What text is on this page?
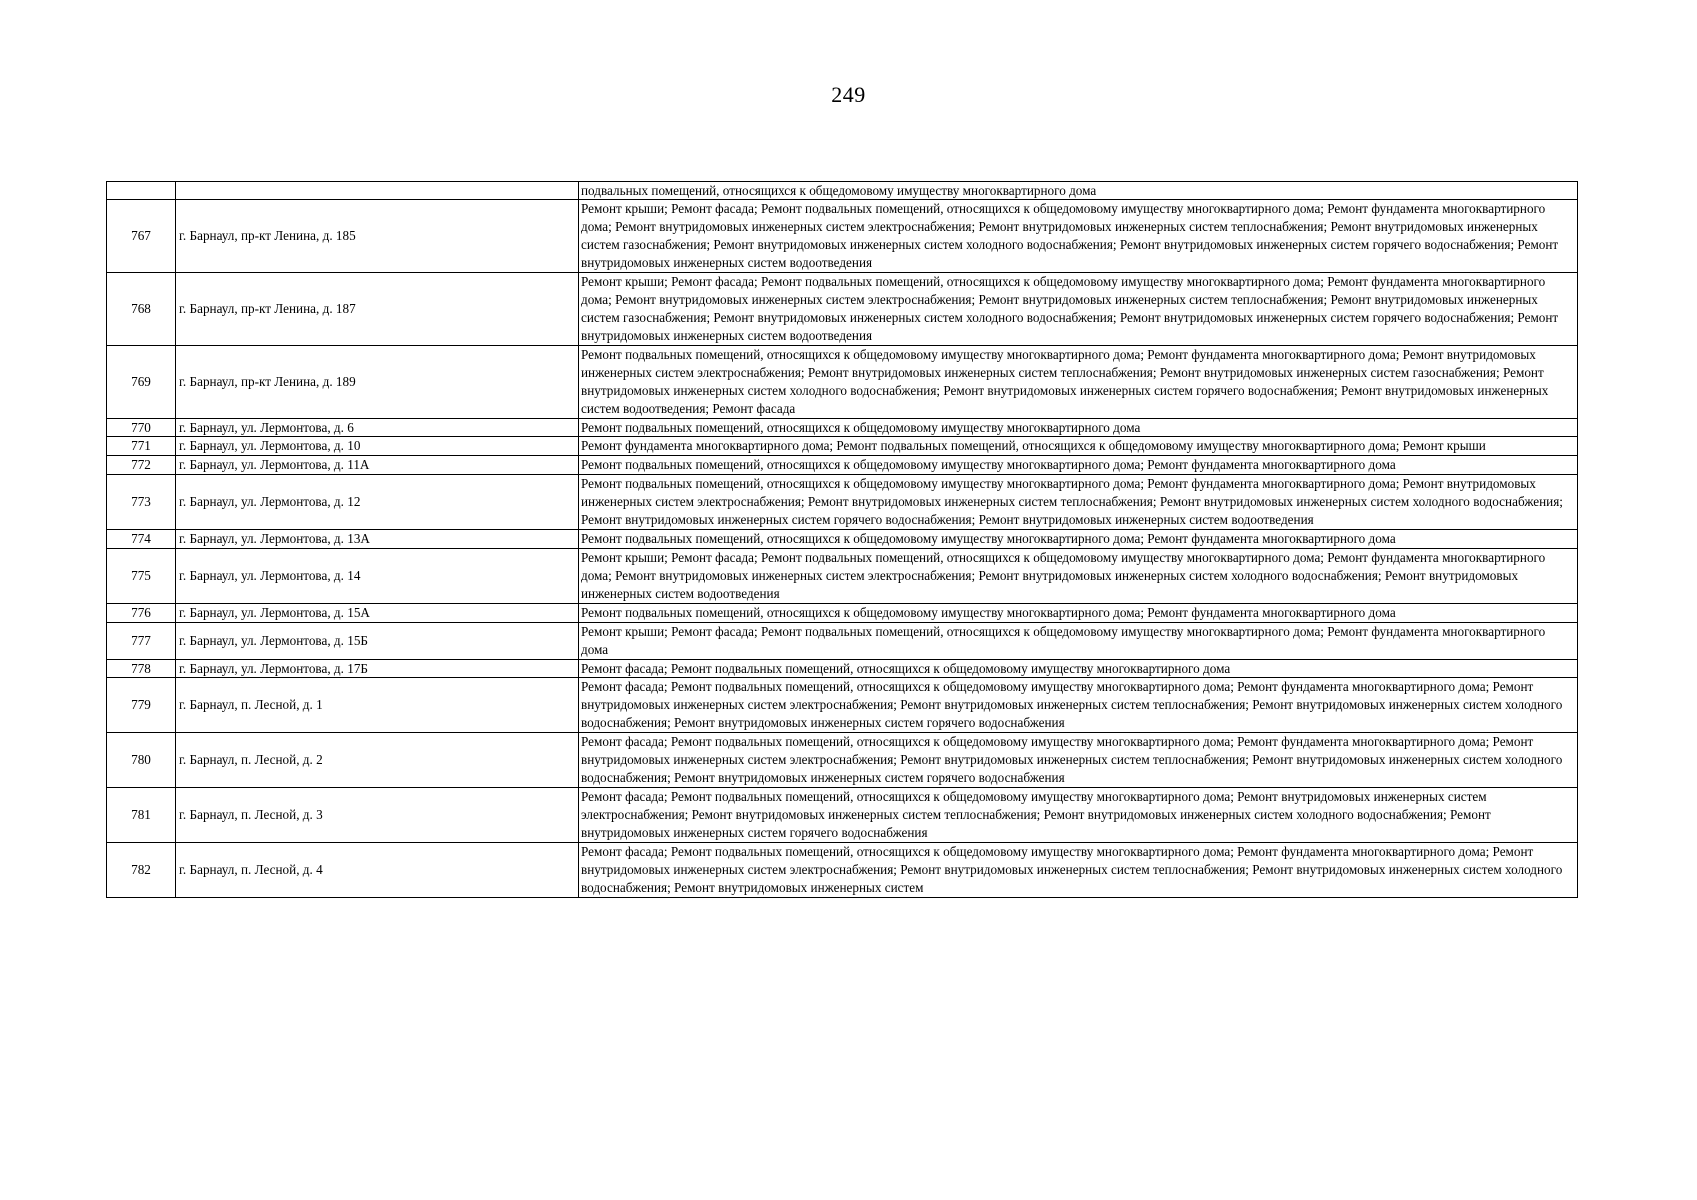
249
		подвальных помещений, относящихся к общедомовому имуществу многоквартирного дома
767	г. Барнаул, пр-кт Ленина, д. 185	Ремонт крыши; Ремонт фасада; Ремонт подвальных помещений, относящихся к общедомовому имуществу многоквартирного дома; Ремонт фундамента многоквартирного дома; Ремонт внутридомовых инженерных систем электроснабжения; Ремонт внутридомовых инженерных систем теплоснабжения; Ремонт внутридомовых инженерных систем газоснабжения; Ремонт внутридомовых инженерных систем холодного водоснабжения; Ремонт внутридомовых инженерных систем горячего водоснабжения; Ремонт внутридомовых инженерных систем водоотведения
768	г. Барнаул, пр-кт Ленина, д. 187	Ремонт крыши; Ремонт фасада; Ремонт подвальных помещений, относящихся к общедомовому имуществу многоквартирного дома; Ремонт фундамента многоквартирного дома; Ремонт внутридомовых инженерных систем электроснабжения; Ремонт внутридомовых инженерных систем теплоснабжения; Ремонт внутридомовых инженерных систем газоснабжения; Ремонт внутридомовых инженерных систем холодного водоснабжения; Ремонт внутридомовых инженерных систем горячего водоснабжения; Ремонт внутридомовых инженерных систем водоотведения
769	г. Барнаул, пр-кт Ленина, д. 189	Ремонт подвальных помещений, относящихся к общедомовому имуществу многоквартирного дома; Ремонт фундамента многоквартирного дома; Ремонт внутридомовых инженерных систем электроснабжения; Ремонт внутридомовых инженерных систем теплоснабжения; Ремонт внутридомовых инженерных систем газоснабжения; Ремонт внутридомовых инженерных систем холодного водоснабжения; Ремонт внутридомовых инженерных систем горячего водоснабжения; Ремонт внутридомовых инженерных систем водоотведения; Ремонт фасада
770	г. Барнаул, ул. Лермонтова, д. 6	Ремонт подвальных помещений, относящихся к общедомовому имуществу многоквартирного дома
771	г. Барнаул, ул. Лермонтова, д. 10	Ремонт фундамента многоквартирного дома; Ремонт подвальных помещений, относящихся к общедомовому имуществу многоквартирного дома; Ремонт крыши
772	г. Барнаул, ул. Лермонтова, д. 11А	Ремонт подвальных помещений, относящихся к общедомовому имуществу многоквартирного дома; Ремонт фундамента многоквартирного дома
773	г. Барнаул, ул. Лермонтова, д. 12	Ремонт подвальных помещений, относящихся к общедомовому имуществу многоквартирного дома; Ремонт фундамента многоквартирного дома; Ремонт внутридомовых инженерных систем электроснабжения; Ремонт внутридомовых инженерных систем теплоснабжения; Ремонт внутридомовых инженерных систем холодного водоснабжения; Ремонт внутридомовых инженерных систем горячего водоснабжения; Ремонт внутридомовых инженерных систем водоотведения
774	г. Барнаул, ул. Лермонтова, д. 13А	Ремонт подвальных помещений, относящихся к общедомовому имуществу многоквартирного дома; Ремонт фундамента многоквартирного дома
775	г. Барнаул, ул. Лермонтова, д. 14	Ремонт крыши; Ремонт фасада; Ремонт подвальных помещений, относящихся к общедомовому имуществу многоквартирного дома; Ремонт фундамента многоквартирного дома; Ремонт внутридомовых инженерных систем электроснабжения; Ремонт внутридомовых инженерных систем холодного водоснабжения; Ремонт внутридомовых инженерных систем водоотведения
776	г. Барнаул, ул. Лермонтова, д. 15А	Ремонт подвальных помещений, относящихся к общедомовому имуществу многоквартирного дома; Ремонт фундамента многоквартирного дома
777	г. Барнаул, ул. Лермонтова, д. 15Б	Ремонт крыши; Ремонт фасада; Ремонт подвальных помещений, относящихся к общедомовому имуществу многоквартирного дома; Ремонт фундамента многоквартирного дома
778	г. Барнаул, ул. Лермонтова, д. 17Б	Ремонт фасада; Ремонт подвальных помещений, относящихся к общедомовому имуществу многоквартирного дома
779	г. Барнаул, п. Лесной, д. 1	Ремонт фасада; Ремонт подвальных помещений, относящихся к общедомовому имуществу многоквартирного дома; Ремонт фундамента многоквартирного дома; Ремонт внутридомовых инженерных систем электроснабжения; Ремонт внутридомовых инженерных систем теплоснабжения; Ремонт внутридомовых инженерных систем холодного водоснабжения; Ремонт внутридомовых инженерных систем горячего водоснабжения
780	г. Барнаул, п. Лесной, д. 2	Ремонт фасада; Ремонт подвальных помещений, относящихся к общедомовому имуществу многоквартирного дома; Ремонт фундамента многоквартирного дома; Ремонт внутридомовых инженерных систем электроснабжения; Ремонт внутридомовых инженерных систем теплоснабжения; Ремонт внутридомовых инженерных систем холодного водоснабжения; Ремонт внутридомовых инженерных систем горячего водоснабжения
781	г. Барнаул, п. Лесной, д. 3	Ремонт фасада; Ремонт подвальных помещений, относящихся к общедомовому имуществу многоквартирного дома; Ремонт внутридомовых инженерных систем электроснабжения; Ремонт внутридомовых инженерных систем теплоснабжения; Ремонт внутридомовых инженерных систем холодного водоснабжения; Ремонт внутридомовых инженерных систем горячего водоснабжения
782	г. Барнаул, п. Лесной, д. 4	Ремонт фасада; Ремонт подвальных помещений, относящихся к общедомовому имуществу многоквартирного дома; Ремонт фундамента многоквартирного дома; Ремонт внутридомовых инженерных систем электроснабжения; Ремонт внутридомовых инженерных систем теплоснабжения; Ремонт внутридомовых инженерных систем холодного водоснабжения; Ремонт внутридомовых инженерных систем
